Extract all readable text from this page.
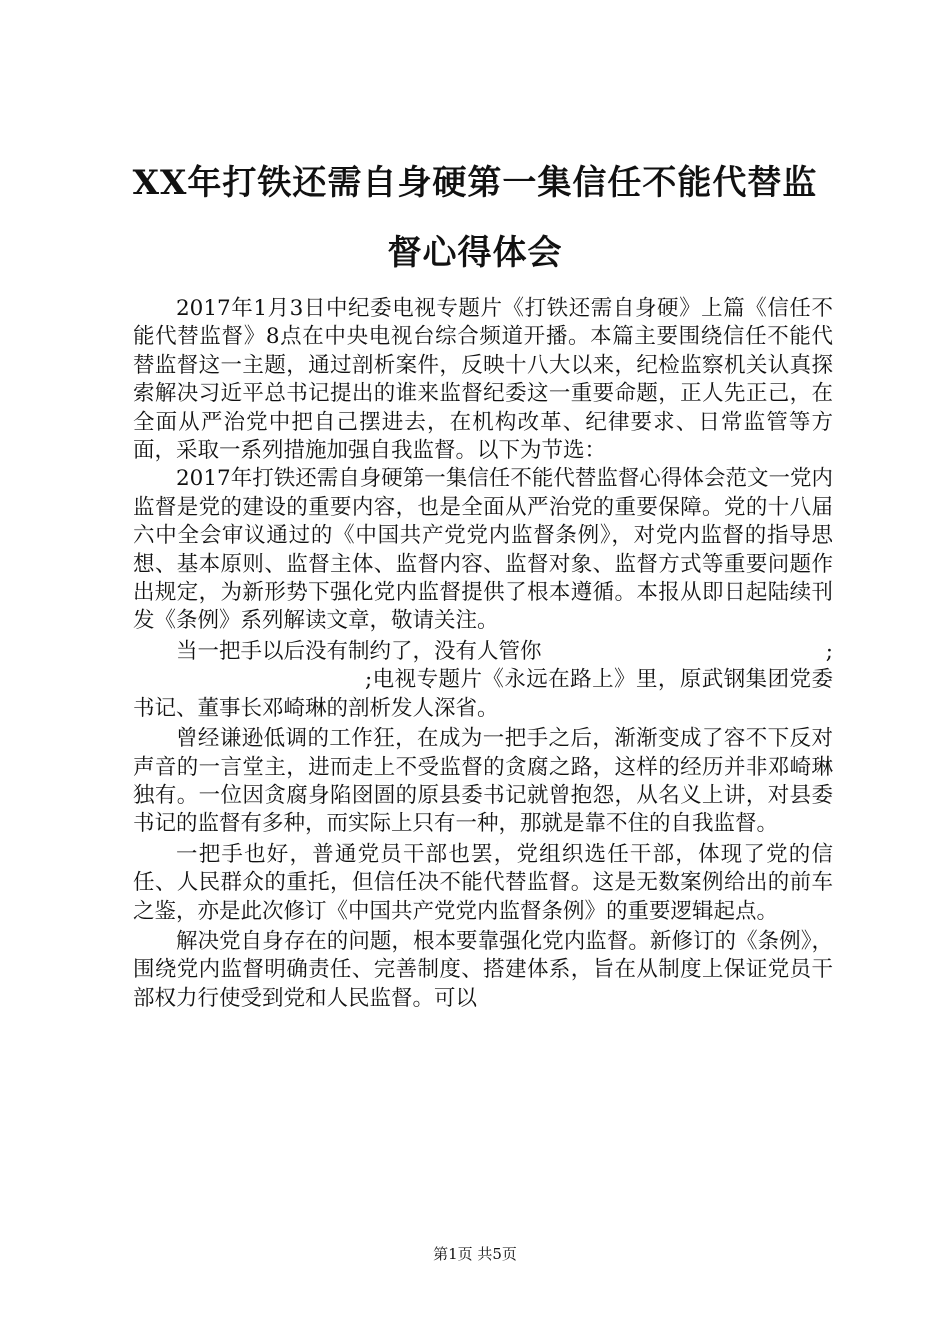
XX年打铁还需自身硬第一集信任不能代替监
督心得体会

2017年1月3日中纪委电视专题片《打铁还需自身硬》上篇《信任不能代替监督》8点在中央电视台综合频道开播。本篇主要围绕信任不能代替监督这一主题，通过剖析案件，反映十八大以来，纪检监察机关认真探索解决习近平总书记提出的谁来监督纪委这一重要命题，正人先正己，在全面从严治党中把自己摆进去，在机构改革、纪律要求、日常监管等方面，采取一系列措施加强自我监督。以下为节选：

2017年打铁还需自身硬第一集信任不能代替监督心得体会范文一党内监督是党的建设的重要内容，也是全面从严治党的重要保障。党的十八届六中全会审议通过的《中国共产党党内监督条例》，对党内监督的指导思想、基本原则、监督主体、监督内容、监督对象、监督方式等重要问题作出规定，为新形势下强化党内监督提供了根本遵循。本报从即日起陆续刊发《条例》系列解读文章，敬请关注。

当一把手以后没有制约了，没有人管你	;

;电视专题片《永远在路上》里，原武钢集团党委书记、董事长邓崎琳的剖析发人深省。

曾经谦逊低调的工作狂，在成为一把手之后，渐渐变成了容不下反对声音的一言堂主，进而走上不受监督的贪腐之路，这样的经历并非邓崎琳独有。一位因贪腐身陷囹圄的原县委书记就曾抱怨，从名义上讲，对县委书记的监督有多种，而实际上只有一种，那就是靠不住的自我监督。

一把手也好，普通党员干部也罢，党组织选任干部，体现了党的信任、人民群众的重托，但信任决不能代替监督。这是无数案例给出的前车之鉴，亦是此次修订《中国共产党党内监督条例》的重要逻辑起点。

解决党自身存在的问题，根本要靠强化党内监督。新修订的《条例》，围绕党内监督明确责任、完善制度、搭建体系，旨在从制度上保证党员干部权力行使受到党和人民监督。可以

第1页 共5页
